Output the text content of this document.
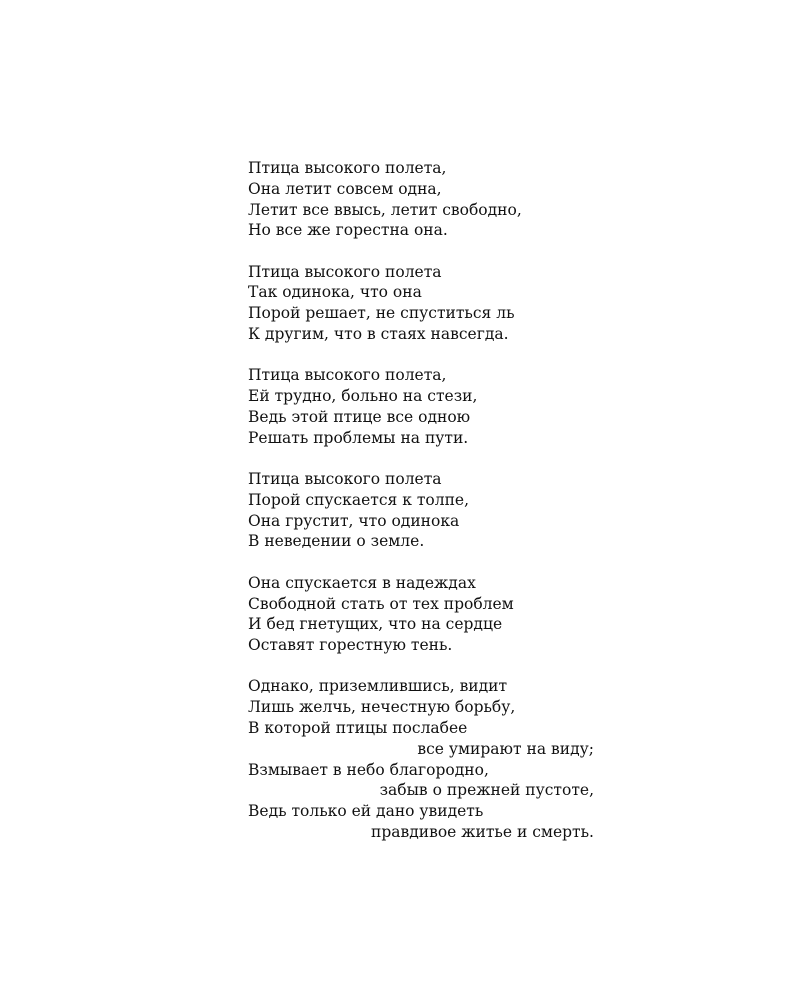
Птица высокого полета,
Она летит совсем одна,
Летит все ввысь, летит свободно,
Но все же горестна она.
Птица высокого полета
Так одинока, что она
Порой решает, не спуститься ль
К другим, что в стаях навсегда.
Птица высокого полета,
Ей трудно, больно на стези,
Ведь этой птице все одною
Решать проблемы на пути.
Птица высокого полета
Порой спускается к толпе,
Она грустит, что одинока
В неведении о земле.
Она спускается в надеждах
Свободной стать от тех проблем
И бед гнетущих, что на сердце
Оставят горестную тень.
Однако, приземлившись, видит
Лишь желчь, нечестную борьбу,
В которой птицы послабее
все умирают на виду;
Взмывает в небо благородно,
забыв о прежней пустоте,
Ведь только ей дано увидеть
правдивое житье и смерть.
